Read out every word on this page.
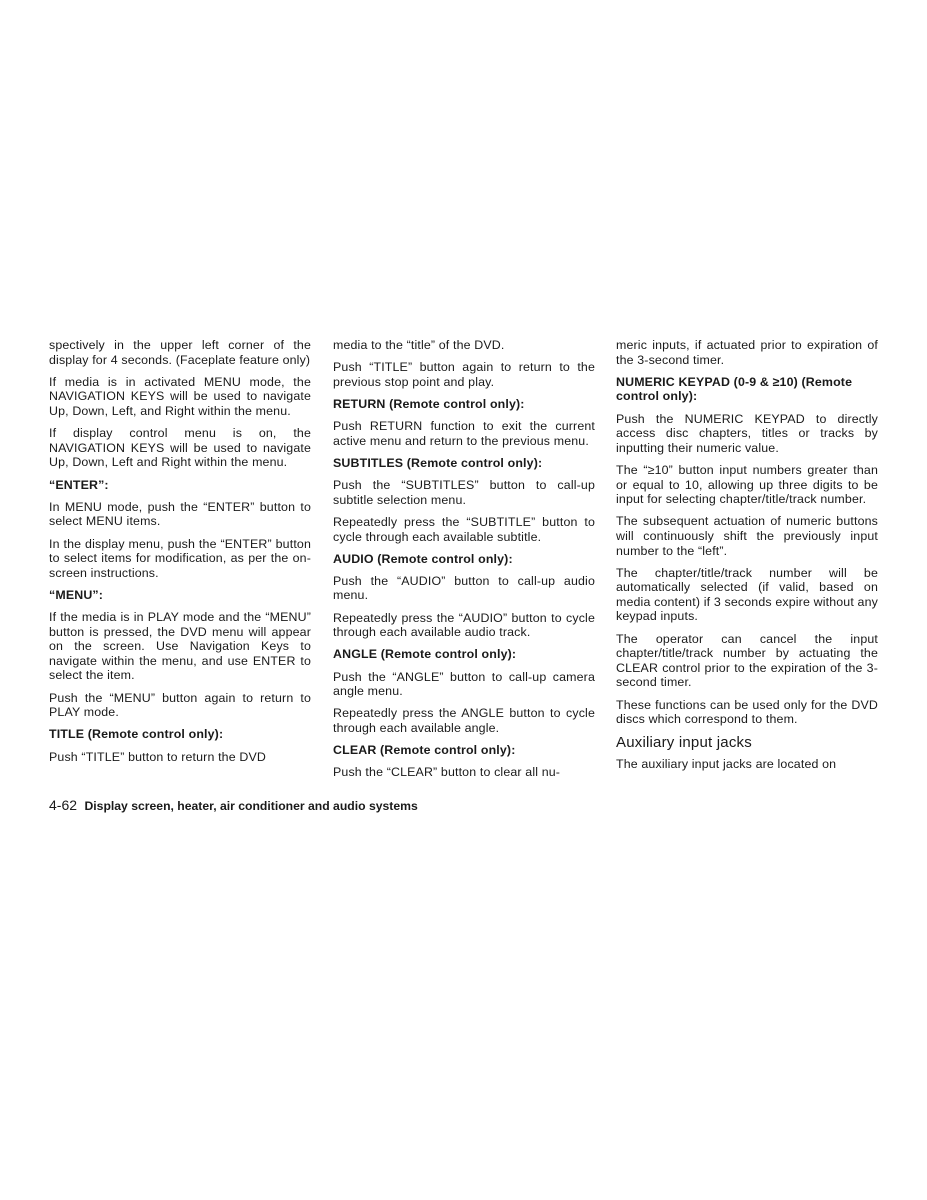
spectively in the upper left corner of the display for 4 seconds. (Faceplate feature only)

If media is in activated MENU mode, the NAVIGATION KEYS will be used to navigate Up, Down, Left, and Right within the menu.

If display control menu is on, the NAVIGATION KEYS will be used to navigate Up, Down, Left and Right within the menu.

“ENTER”:

In MENU mode, push the “ENTER” button to select MENU items.

In the display menu, push the “ENTER” button to select items for modification, as per the on-screen instructions.

“MENU”:

If the media is in PLAY mode and the “MENU” button is pressed, the DVD menu will appear on the screen. Use Navigation Keys to navigate within the menu, and use ENTER to select the item.

Push the “MENU” button again to return to PLAY mode.

TITLE (Remote control only):

Push “TITLE” button to return the DVD

media to the “title” of the DVD.

Push “TITLE” button again to return to the previous stop point and play.

RETURN (Remote control only):

Push RETURN function to exit the current active menu and return to the previous menu.

SUBTITLES (Remote control only):

Push the “SUBTITLES” button to call-up subtitle selection menu.

Repeatedly press the “SUBTITLE” button to cycle through each available subtitle.

AUDIO (Remote control only):

Push the “AUDIO” button to call-up audio menu.

Repeatedly press the “AUDIO” button to cycle through each available audio track.

ANGLE (Remote control only):

Push the “ANGLE” button to call-up camera angle menu.

Repeatedly press the ANGLE button to cycle through each available angle.

CLEAR (Remote control only):

Push the “CLEAR” button to clear all nu-

meric inputs, if actuated prior to expiration of the 3-second timer.

NUMERIC KEYPAD (0-9 & ≥10) (Remote control only):

Push the NUMERIC KEYPAD to directly access disc chapters, titles or tracks by inputting their numeric value.

The “≥10” button input numbers greater than or equal to 10, allowing up three digits to be input for selecting chapter/title/track number.

The subsequent actuation of numeric buttons will continuously shift the previously input number to the “left”.

The chapter/title/track number will be automatically selected (if valid, based on media content) if 3 seconds expire without any keypad inputs.

The operator can cancel the input chapter/title/track number by actuating the CLEAR control prior to the expiration of the 3-second timer.

These functions can be used only for the DVD discs which correspond to them.

Auxiliary input jacks

The auxiliary input jacks are located on

4-62 Display screen, heater, air conditioner and audio systems
